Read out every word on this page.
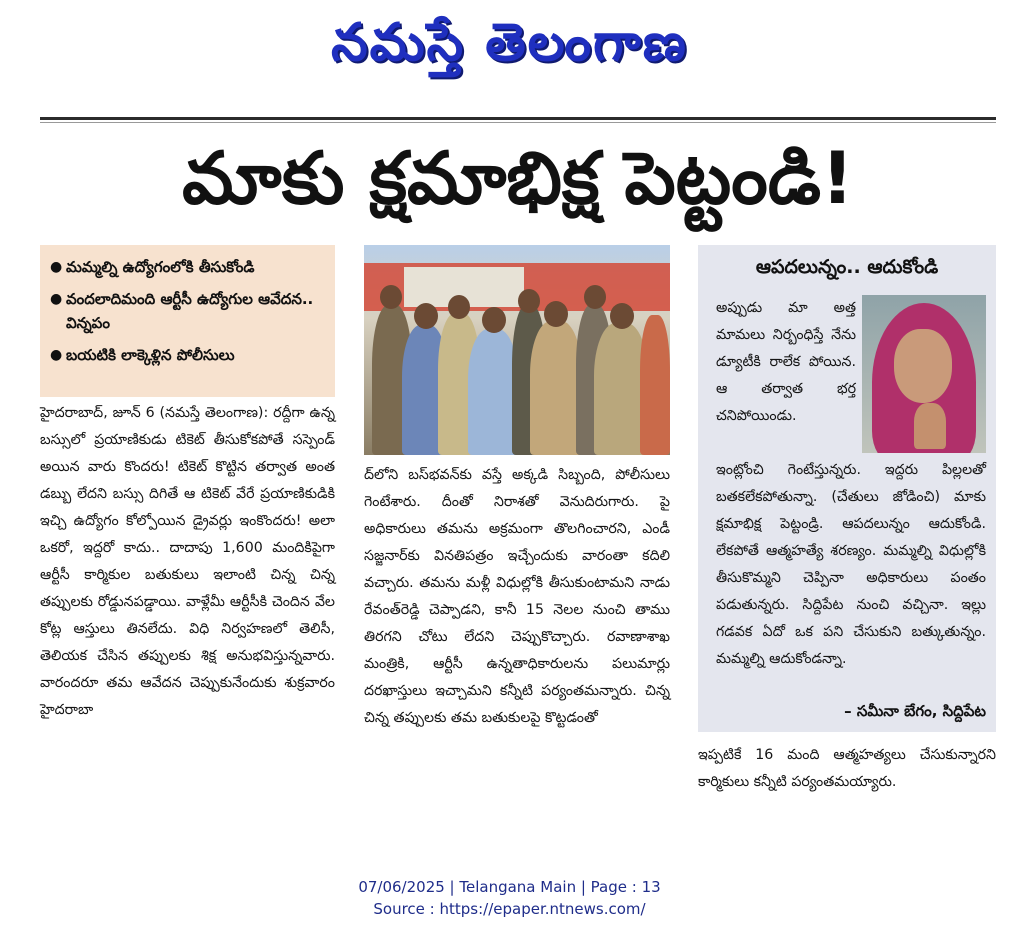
నమస్తే తెలంగాణ
మాకు క్షమాభిక్ష పెట్టండి!
● మమ్మల్ని ఉద్యోగంలోకి తీసుకోండి
● వందలాదిమంది ఆర్టీసీ ఉద్యోగుల ఆవేదన.. విన్నపం
● బయటికి లాక్కెళ్లిన పోలీసులు
హైదరాబాద్, జూన్ 6 (నమస్తే తెలంగాణ): రద్దీగా ఉన్న బస్సులో ప్రయాణికుడు టికెట్ తీసుకోకపోతే సస్పెండ్ అయిన వారు కొందరు! టికెట్ కొట్టిన తర్వాత అంత డబ్బు లేదని బస్సు దిగితే ఆ టికెట్ వేరే ప్రయాణికుడికి ఇచ్చి ఉద్యోగం కోల్పోయిన డ్రైవర్లు ఇంకొందరు! అలా ఒకరో, ఇద్దరో కాదు.. దాదాపు 1,600 మందికిపైగా ఆర్టీసీ కార్మికుల బతుకులు ఇలాంటి చిన్న చిన్న తప్పులకు రోడ్డునపడ్డాయి. వాళ్లేమీ ఆర్టీసీకి చెందిన వేల కోట్ల ఆస్తులు తినలేదు. విధి నిర్వహణలో తెలిసీ, తెలియక చేసిన తప్పులకు శిక్ష అనుభవిస్తున్నవారు. వారందరూ తమ ఆవేదన చెప్పుకునేందుకు శుక్రవారం హైదరాబా
ద్‌లోని బస్‌భవన్‌కు వస్తే అక్కడి సిబ్బంది, పోలీసులు గెంటేశారు. దీంతో నిరాశతో వెనుదిరుగారు. పై అధికారులు తమను అక్రమంగా తొలగించారని, ఎండీ సజ్జనార్‌కు వినతిపత్రం ఇచ్చేందుకు వారంతా కదిలి వచ్చారు. తమను మళ్లీ విధుల్లోకి తీసుకుంటామని నాడు రేవంత్‌రెడ్డి చెప్పాడని, కానీ 15 నెలల నుంచి తాము తిరగని చోటు లేదని చెప్పుకొచ్చారు. రవాణాశాఖ మంత్రికి, ఆర్టీసీ ఉన్నతాధికారులను పలుమార్లు దరఖాస్తులు ఇచ్చామని కన్నీటి పర్యంతమన్నారు. చిన్న చిన్న తప్పులకు తమ బతుకులపై కొట్టడంతో
ఆపదలున్నం.. ఆదుకోండి
అప్పుడు మా అత్త మామలు నిర్బంధిస్తే నేను డ్యూటీకి రాలేక పోయిన. ఆ తర్వాత భర్త చనిపోయిండు.
ఇంట్లోంచి గెంటేస్తున్నరు. ఇద్దరు పిల్లలతో బతకలేకపోతున్నా. (చేతులు జోడించి) మాకు క్షమాభిక్ష పెట్టండ్రి. ఆపదలున్నం ఆదుకోండి. లేకపోతే ఆత్మహత్యే శరణ్యం. మమ్మల్ని విధుల్లోకి తీసుకొమ్మని చెప్పినా అధికారులు పంతం పడుతున్నరు. సిద్దిపేట నుంచి వచ్చినా. ఇల్లు గడవక ఏదో ఒక పని చేసుకుని బత్కుతున్నం. మమ్మల్ని ఆదుకోండన్నా.
– సమీనా బేగం, సిద్దిపేట
ఇప్పటికే 16 మంది ఆత్మహత్యలు చేసుకున్నారని కార్మికులు కన్నీటి పర్యంతమయ్యారు.
07/06/2025 | Telangana Main | Page : 13
Source : https://epaper.ntnews.com/
